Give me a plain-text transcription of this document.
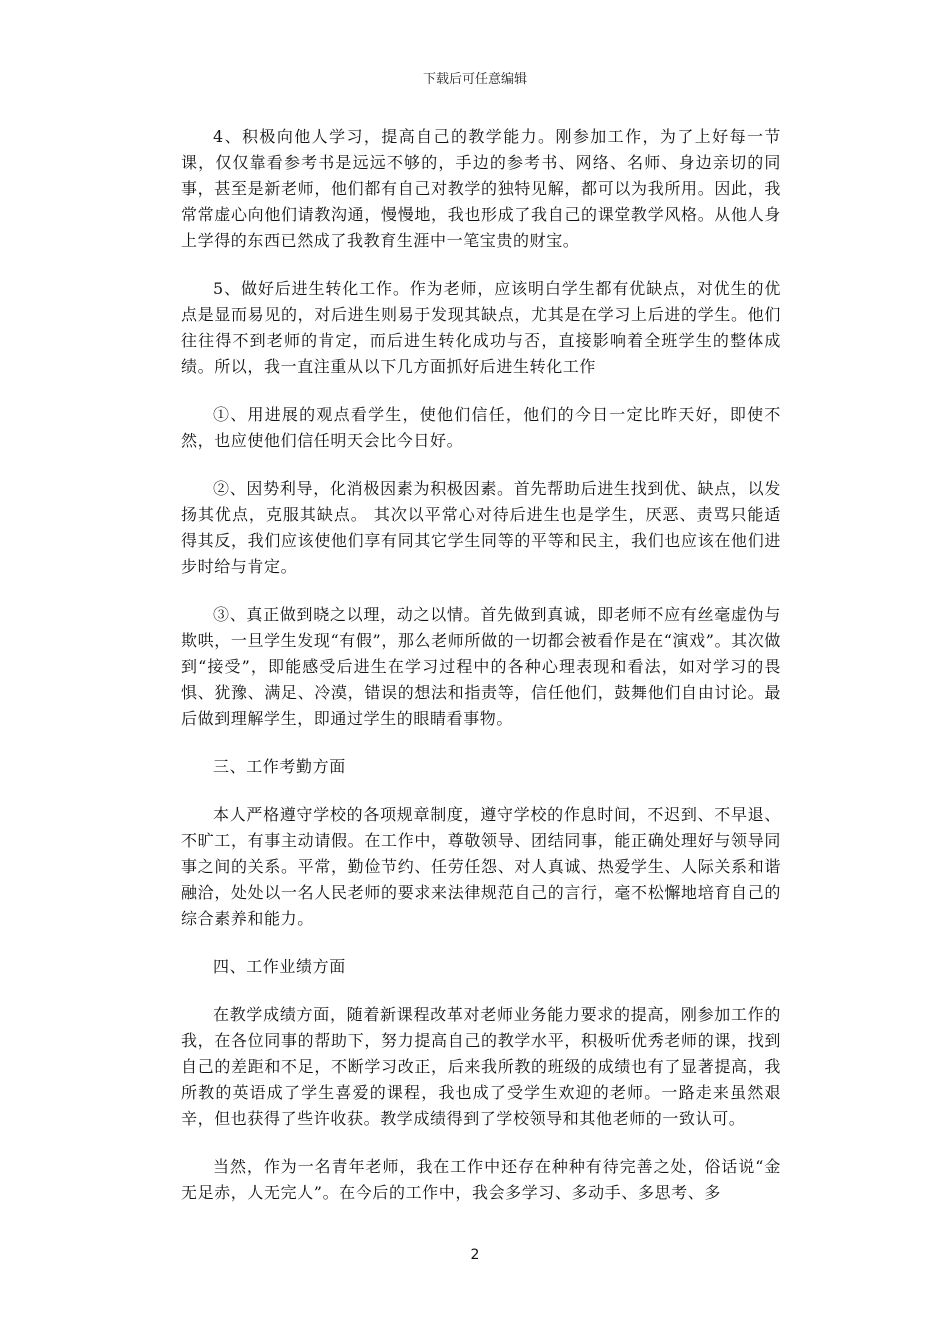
下载后可任意编辑

4、积极向他人学习，提高自己的教学能力。刚参加工作，为了上好每一节课，仅仅靠看参考书是远远不够的，手边的参考书、网络、名师、身边亲切的同事，甚至是新老师，他们都有自己对教学的独特见解，都可以为我所用。因此，我常常虚心向他们请教沟通，慢慢地，我也形成了我自己的课堂教学风格。从他人身上学得的东西已然成了我教育生涯中一笔宝贵的财宝。

5、做好后进生转化工作。作为老师，应该明白学生都有优缺点，对优生的优点是显而易见的，对后进生则易于发现其缺点，尤其是在学习上后进的学生。他们往往得不到老师的肯定，而后进生转化成功与否，直接影响着全班学生的整体成绩。所以，我一直注重从以下几方面抓好后进生转化工作

①、用进展的观点看学生，使他们信任，他们的今日一定比昨天好，即使不然，也应使他们信任明天会比今日好。

②、因势利导，化消极因素为积极因素。首先帮助后进生找到优、缺点，以发扬其优点，克服其缺点。 其次以平常心对待后进生也是学生，厌恶、责骂只能适得其反，我们应该使他们享有同其它学生同等的平等和民主，我们也应该在他们进步时给与肯定。

③、真正做到晓之以理，动之以情。首先做到真诚，即老师不应有丝毫虚伪与欺哄，一旦学生发现“有假”，那么老师所做的一切都会被看作是在“演戏”。其次做到“接受”，即能感受后进生在学习过程中的各种心理表现和看法，如对学习的畏惧、犹豫、满足、冷漠，错误的想法和指责等，信任他们，鼓舞他们自由讨论。最后做到理解学生，即通过学生的眼睛看事物。

三、工作考勤方面

本人严格遵守学校的各项规章制度，遵守学校的作息时间，不迟到、不早退、不旷工，有事主动请假。在工作中，尊敬领导、团结同事，能正确处理好与领导同事之间的关系。平常，勤俭节约、任劳任怨、对人真诚、热爱学生、人际关系和谐融洽，处处以一名人民老师的要求来法律规范自己的言行，毫不松懈地培育自己的综合素养和能力。

四、工作业绩方面

在教学成绩方面，随着新课程改革对老师业务能力要求的提高，刚参加工作的我，在各位同事的帮助下，努力提高自己的教学水平，积极听优秀老师的课，找到自己的差距和不足，不断学习改正，后来我所教的班级的成绩也有了显著提高，我所教的英语成了学生喜爱的课程，我也成了受学生欢迎的老师。一路走来虽然艰辛，但也获得了些许收获。教学成绩得到了学校领导和其他老师的一致认可。

当然，作为一名青年老师，我在工作中还存在种种有待完善之处，俗话说“金无足赤，人无完人”。在今后的工作中，我会多学习、多动手、多思考、多

2
